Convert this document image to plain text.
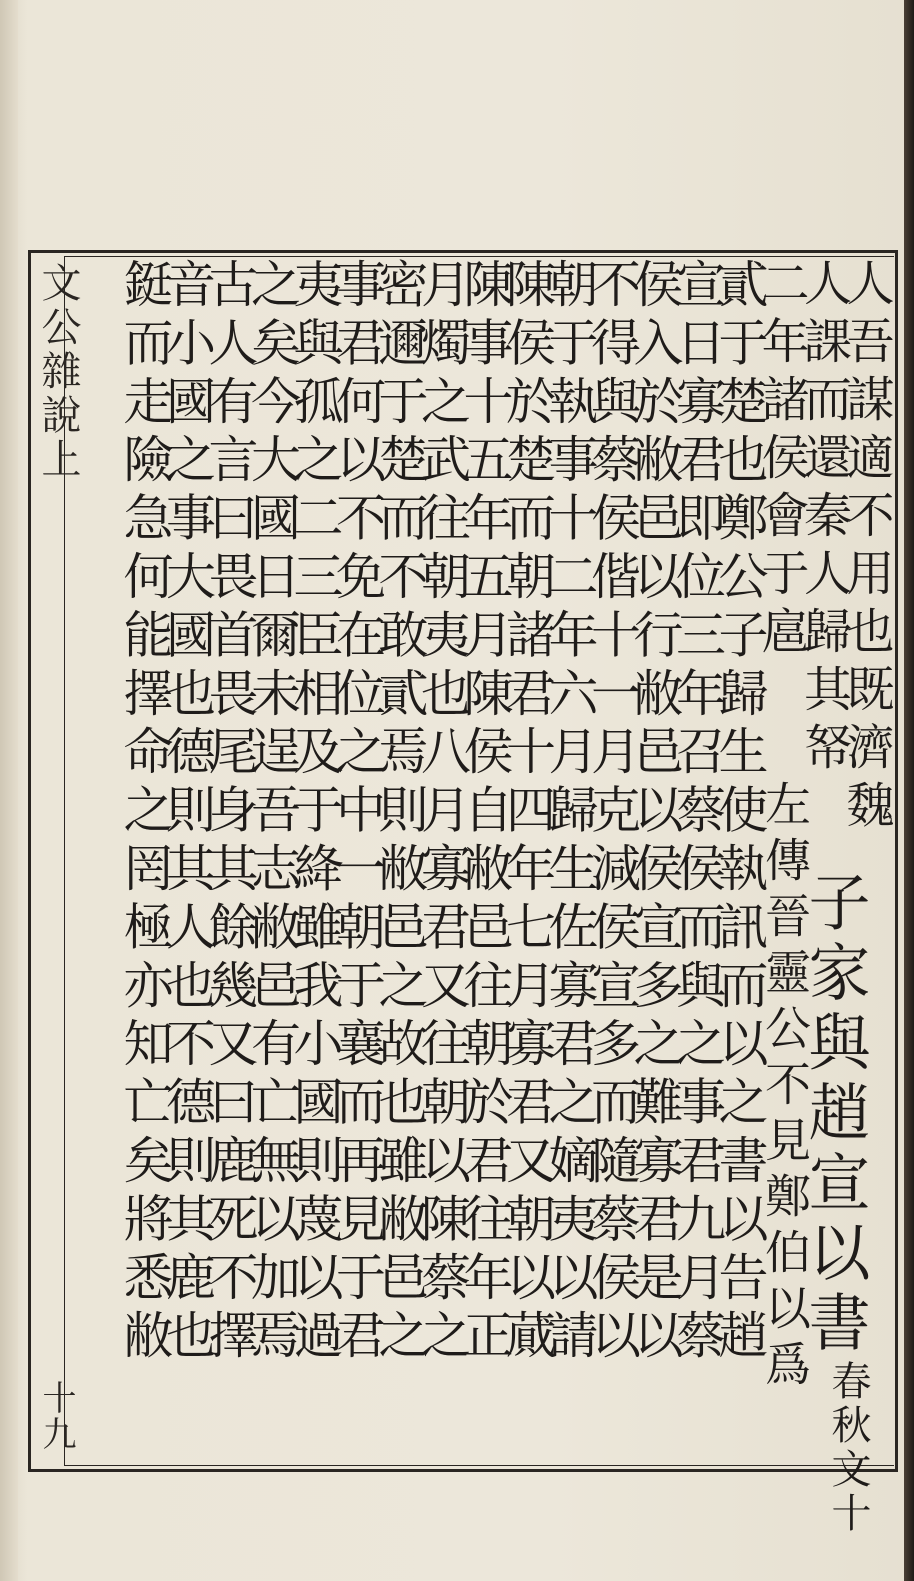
文公雜說上
十九
人吾謀適不用也既濟魏
人課而還秦人歸其帑
二年諸侯會于扈
貳于楚也鄭公子歸生使執訊而以之書以告趙
宣日寡君即位三年召蔡侯而與之事君九月蔡
侯入於敝邑以行敝邑以侯宣多之難寡君是以
不得與蔡侯偕十一月克減侯宣多而隨蔡侯以
朝于執事十二年六月歸生佐寡君之嫡夷以請
陳侯於楚而朝諸君十四年七月寡君又朝以蕆
陳事十五年五月陳侯自敝邑往朝於君往年正
月燭之武往朝夷也八月寡君又往朝以陳蔡之
密邇于楚而不敢貳焉則敝邑之故也雖敝邑之
事君何以不免在位之中一朝于襄而再見于君
夷與孤之二三臣相及于絳雖我小國則蔑以過
之矣今大國日爾未逞吾志敝邑有亡無以加焉
古人有言曰畏首畏尾身其餘幾又曰鹿死不擇
音小國之事大國也德則其人也不德則其鹿也
鋌而走險急何能擇命之罔極亦知亡矣將悉敝	子家與趙宣以書
春秋文十
左傳晉靈公不見鄭伯以爲
